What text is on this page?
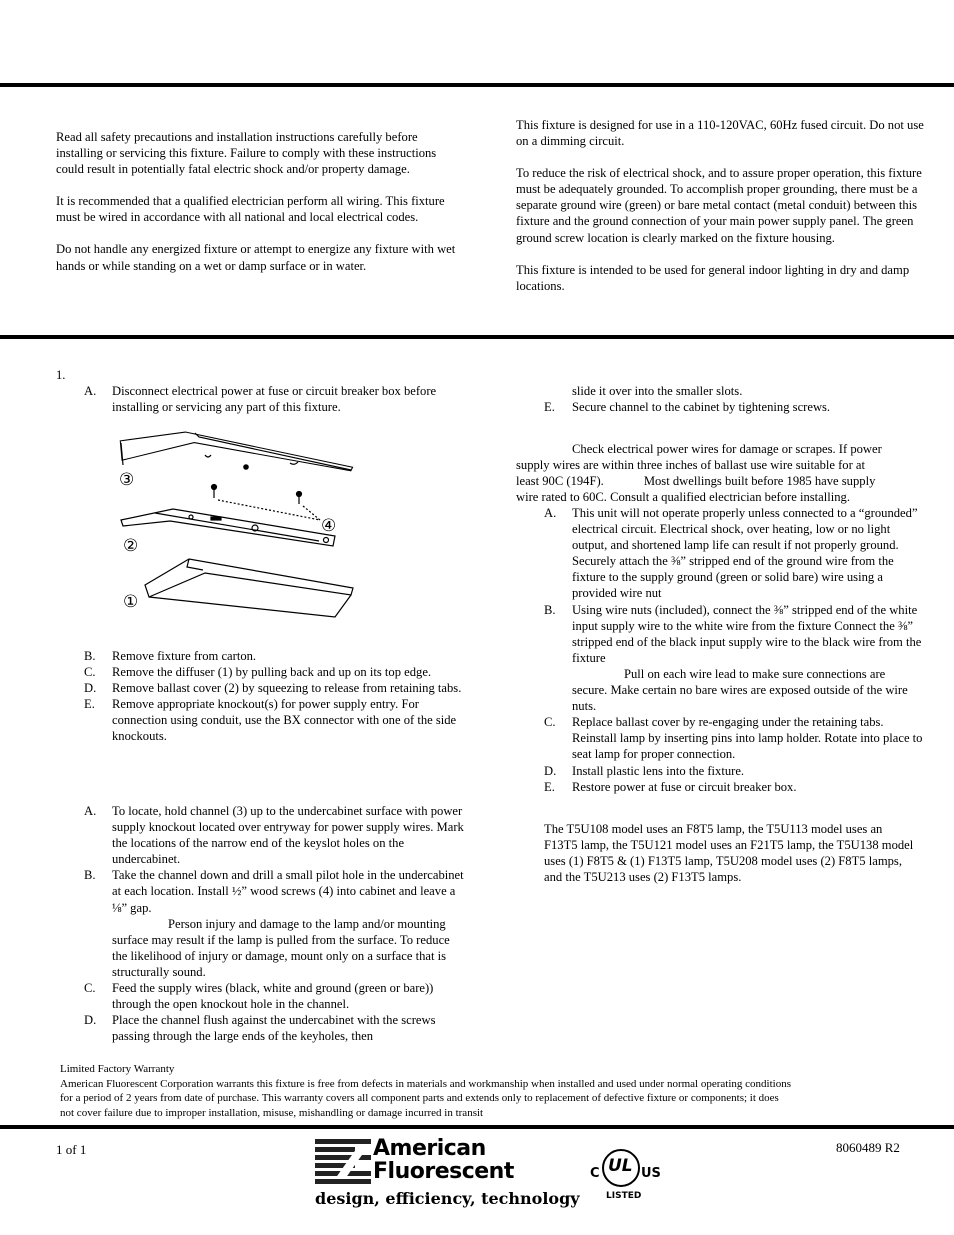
Read all safety precautions and installation instructions carefully before installing or servicing this fixture. Failure to comply with these instructions could result in potentially fatal electric shock and/or property damage.

It is recommended that a qualified electrician perform all wiring. This fixture must be wired in accordance with all national and local electrical codes.

Do not handle any energized fixture or attempt to energize any fixture with wet hands or while standing on a wet or damp surface or in water.

This fixture is designed for use in a 110-120VAC, 60Hz fused circuit. Do not use on a dimming circuit.

To reduce the risk of electrical shock, and to assure proper operation, this fixture must be adequately grounded. To accomplish proper grounding, there must be a separate ground wire (green) or bare metal contact (metal conduit) between this fixture and the ground connection of your main power supply panel. The green ground screw location is clearly marked on the fixture housing.

This fixture is intended to be used for general indoor lighting in dry and damp locations.

1.
A.	Disconnect electrical power at fuse or circuit breaker box before installing or servicing any part of this fixture.
③
②
①
④
B.	Remove fixture from carton.
C.	Remove the diffuser (1) by pulling back and up on its top edge.
D.	Remove ballast cover (2) by squeezing to release from retaining tabs.
E.	Remove appropriate knockout(s) for power supply entry. For connection using conduit, use the BX connector with one of the side knockouts.
A.	To locate, hold channel (3) up to the undercabinet surface with power supply knockout located over entryway for power supply wires. Mark the locations of the narrow end of the keyslot holes on the undercabinet.
B.	Take the channel down and drill a small pilot hole in the undercabinet at each location. Install ½” wood screws (4) into cabinet and leave a ⅛” gap.
Person injury and damage to the lamp and/or mounting surface may result if the lamp is pulled from the surface. To reduce the likelihood of injury or damage, mount only on a surface that is structurally sound.
C.	Feed the supply wires (black, white and ground (green or bare)) through the open knockout hole in the channel.
D.	Place the channel flush against the undercabinet with the screws passing through the large ends of the keyholes, then
slide it over into the smaller slots.
E.	Secure channel to the cabinet by tightening screws.
Check electrical power wires for damage or scrapes. If power
supply wires are within three inches of ballast use wire suitable for at
least 90C (194F).	Most dwellings built before 1985 have supply
wire rated to 60C. Consult a qualified electrician before installing.
A.	This unit will not operate properly unless connected to a “grounded” electrical circuit. Electrical shock, over heating, low or no light output, and shortened lamp life can result if not properly ground. Securely attach the ⅜” stripped end of the ground wire from the fixture to the supply ground (green or solid bare) wire using a provided wire nut
B.	Using wire nuts (included), connect the ⅜” stripped end of the white input supply wire to the white wire from the fixture Connect the ⅜” stripped end of the black input supply wire to the black wire from the fixture
Pull on each wire lead to make sure connections are
secure. Make certain no bare wires are exposed outside of the wire nuts.
C.	Replace ballast cover by re-engaging under the retaining tabs. Reinstall lamp by inserting pins into lamp holder. Rotate into place to seat lamp for proper connection.
D.	Install plastic lens into the fixture.
E.	Restore power at fuse or circuit breaker box.
The T5U108 model uses an F8T5 lamp, the T5U113 model uses an F13T5 lamp, the T5U121 model uses an F21T5 lamp, the T5U138 model uses (1) F8T5 & (1) F13T5 lamp, T5U208 model uses (2) F8T5 lamps, and the T5U213 uses (2) F13T5 lamps.
Limited Factory Warranty
American Fluorescent Corporation warrants this fixture is free from defects in materials and workmanship when installed and used under normal operating conditions
for a period of 2 years from date of purchase. This warranty covers all component parts and extends only to replacement of defective fixture or components; it does
not cover failure due to improper installation, misuse, mishandling or damage incurred in transit
1 of 1	8060489 R2
American
Fluorescent
design, efficiency, technology
C UL US
LISTED
